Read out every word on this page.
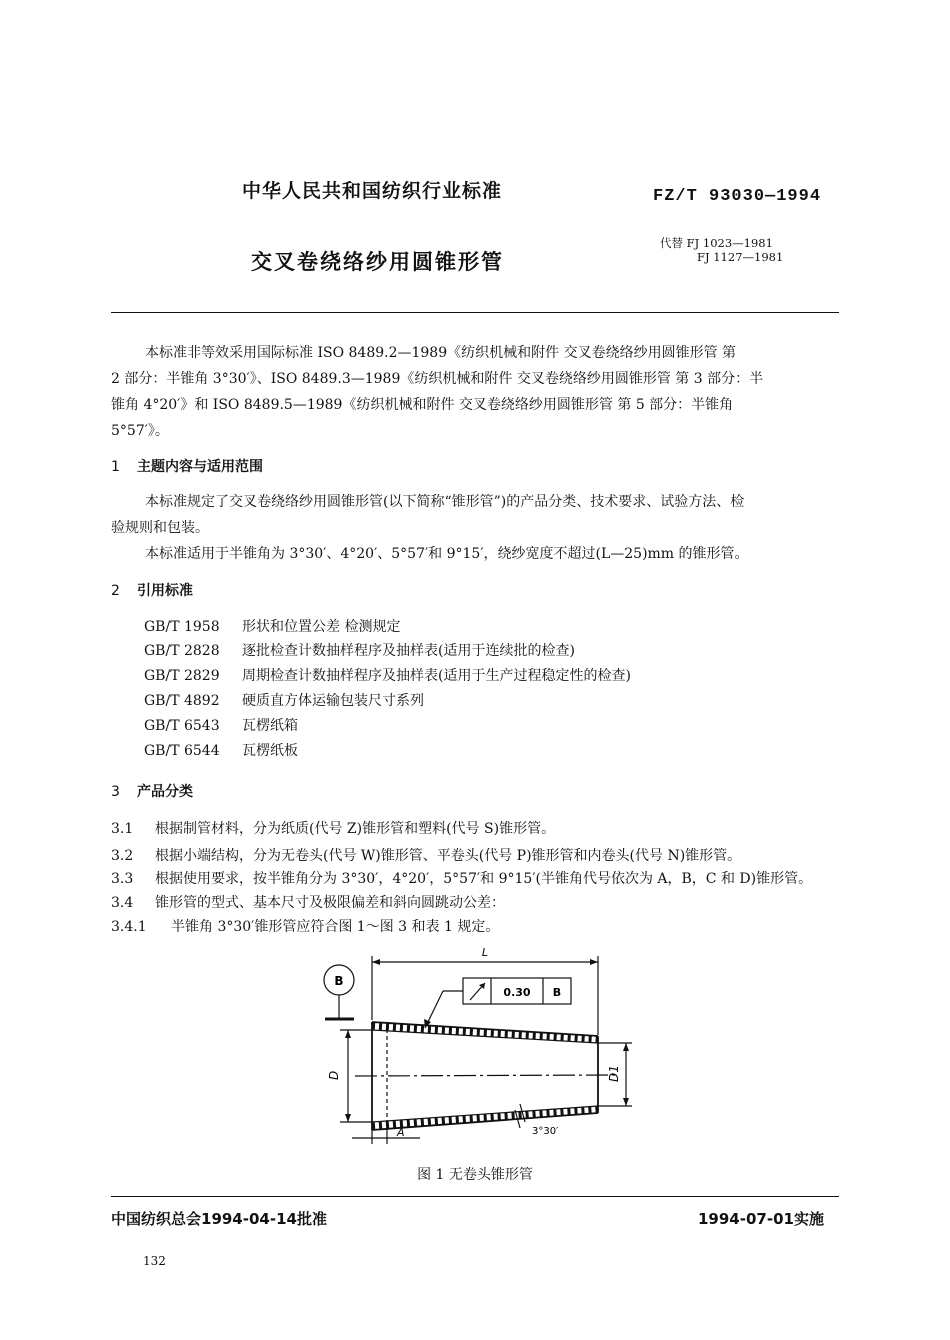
中华人民共和国纺织行业标准	FZ/T 93030—1994
交叉卷绕络纱用圆锥形管
代替 FJ 1023—1981
FJ 1127—1981
本标准非等效采用国际标准 ISO 8489.2—1989《纺织机械和附件 交叉卷绕络纱用圆锥形管 第
2 部分：半锥角 3°30′》、ISO 8489.3—1989《纺织机械和附件 交叉卷绕络纱用圆锥形管 第 3 部分：半
锥角 4°20′》和 ISO 8489.5—1989《纺织机械和附件 交叉卷绕络纱用圆锥形管 第 5 部分：半锥角
5°57′》。
1 主题内容与适用范围
本标准规定了交叉卷绕络纱用圆锥形管(以下简称“锥形管”)的产品分类、技术要求、试验方法、检
验规则和包装。
本标准适用于半锥角为 3°30′、4°20′、5°57′和 9°15′，绕纱宽度不超过(L—25)mm 的锥形管。
2 引用标准
GB/T 1958 形状和位置公差 检测规定
GB/T 2828 逐批检查计数抽样程序及抽样表(适用于连续批的检查)
GB/T 2829 周期检查计数抽样程序及抽样表(适用于生产过程稳定性的检查)
GB/T 4892 硬质直方体运输包装尺寸系列
GB/T 6543 瓦楞纸箱
GB/T 6544 瓦楞纸板
3 产品分类
3.1 根据制管材料，分为纸质(代号 Z)锥形管和塑料(代号 S)锥形管。
3.2 根据小端结构，分为无卷头(代号 W)锥形管、平卷头(代号 P)锥形管和内卷头(代号 N)锥形管。
3.3 根据使用要求，按半锥角分为 3°30′，4°20′，5°57′和 9°15′(半锥角代号依次为 A，B，C 和 D)锥形管。
3.4 锥形管的型式、基本尺寸及极限偏差和斜向圆跳动公差：
3.4.1 半锥角 3°30′锥形管应符合图 1～图 3 和表 1 规定。
B
L
0.30 B
D	D1
3°30′
A
图 1 无卷头锥形管
中国纺织总会1994-04-14批准	1994-07-01实施
132
